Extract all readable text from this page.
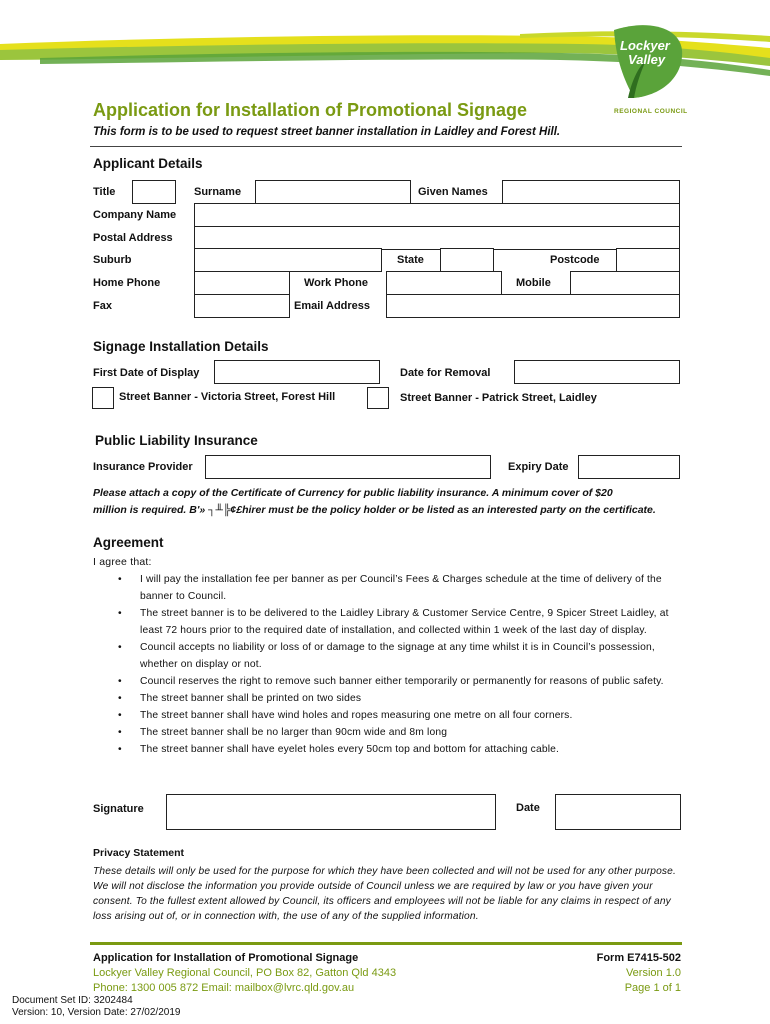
Lockyer
Valley
REGIONAL COUNCIL
Application for Installation of Promotional Signage
This form is to be used to request street banner installation in Laidley and Forest Hill.
Applicant Details
Title	Surname	Given Names
Company Name
Postal Address
Suburb	State	Postcode
Home Phone	Work Phone	Mobile
Fax	Email Address
Signage Installation Details
First Date of Display	Date for Removal
Street Banner - Victoria Street, Forest Hill	Street Banner - Patrick Street, Laidley
Public Liability Insurance
Insurance Provider	Expiry Date
Please attach a copy of the Certificate of Currency for public liability insurance. A minimum cover of $20
million is required. B'» ┐╨╠¢£hirer must be the policy holder or be listed as an interested party on the certificate.
Agreement
I agree that:
• I will pay the installation fee per banner as per Council’s Fees & Charges schedule at the time of delivery of the banner to Council.
• The street banner is to be delivered to the Laidley Library & Customer Service Centre, 9 Spicer Street Laidley, at least 72 hours prior to the required date of installation, and collected within 1 week of the last day of display.
• Council accepts no liability or loss of or damage to the signage at any time whilst it is in Council’s possession, whether on display or not.
• Council reserves the right to remove such banner either temporarily or permanently for reasons of public safety.
• The street banner shall be printed on two sides
• The street banner shall have wind holes and ropes measuring one metre on all four corners.
• The street banner shall be no larger than 90cm wide and 8m long
• The street banner shall have eyelet holes every 50cm top and bottom for attaching cable.
Signature	Date
Privacy Statement
These details will only be used for the purpose for which they have been collected and will not be used for any other purpose. We will not disclose the information you provide outside of Council unless we are required by law or you have given your consent. To the fullest extent allowed by Council, its officers and employees will not be liable for any claims in respect of any loss arising out of, or in connection with, the use of any of the supplied information.
Application for Installation of Promotional Signage
Lockyer Valley Regional Council, PO Box 82, Gatton Qld 4343
Phone: 1300 005 872 Email: mailbox@lvrc.qld.gov.au
Form E7415-502
Version 1.0
Page 1 of 1
Document Set ID: 3202484
Version: 10, Version Date: 27/02/2019
